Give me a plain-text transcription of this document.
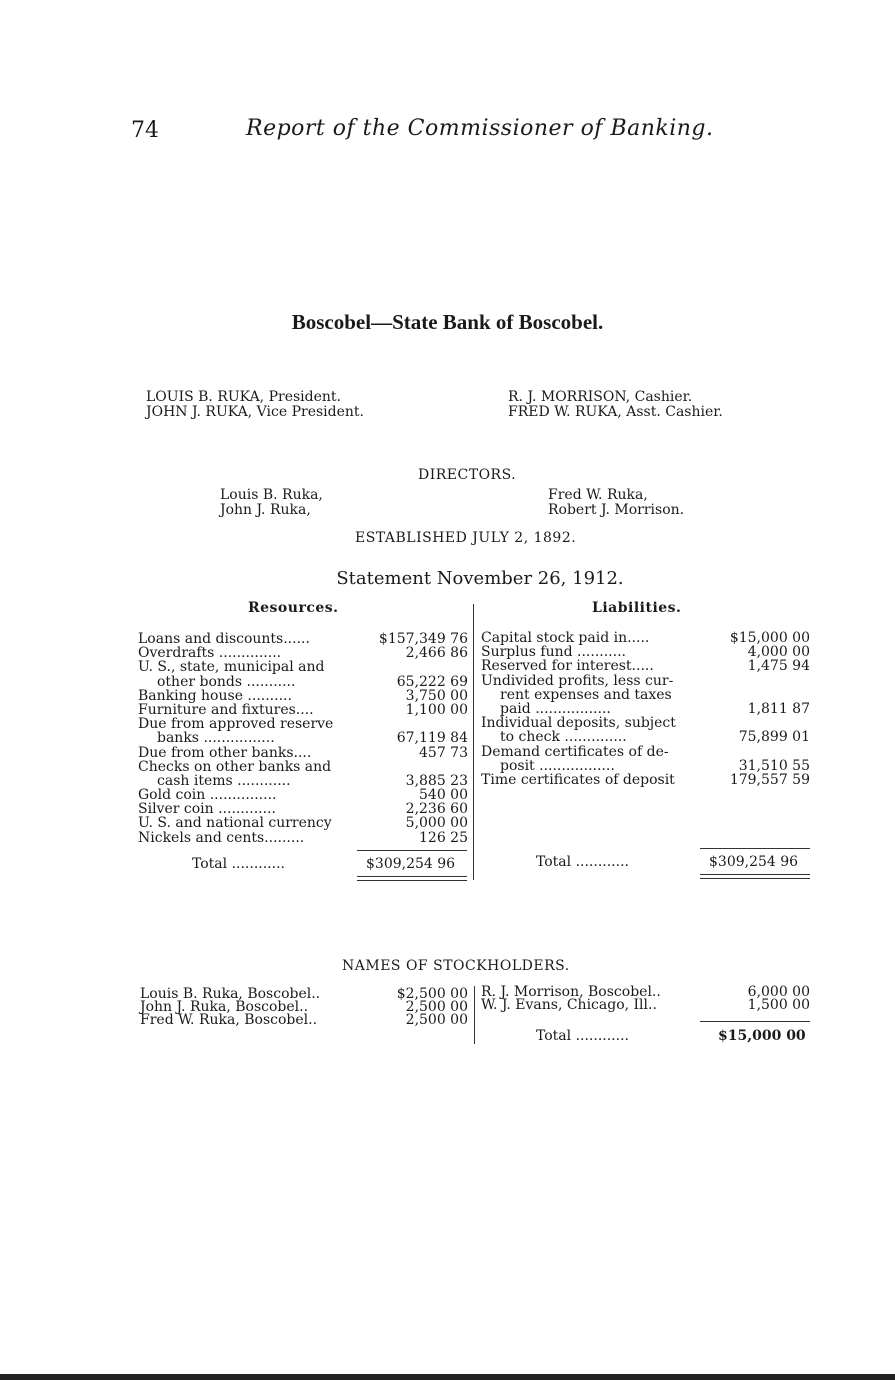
74	Report of the Commissioner of Banking.
Boscobel—State Bank of Boscobel.
LOUIS B. RUKA, President.
JOHN J. RUKA, Vice President.
R. J. MORRISON, Cashier.
FRED W. RUKA, Asst. Cashier.
DIRECTORS.
Louis B. Ruka,
John J. Ruka,
Fred W. Ruka,
Robert J. Morrison.
ESTABLISHED JULY 2, 1892.
Statement November 26, 1912.
Resources.	Liabilities.
Loans and discounts......	$157,349 76
Overdrafts ..............	2,466 86
U. S., state, municipal and
other bonds ...........	65,222 69
Banking house ..........	3,750 00
Furniture and fixtures....	1,100 00
Due from approved reserve
banks ................	67,119 84
Due from other banks....	457 73
Checks on other banks and
cash items ............	3,885 23
Gold coin ...............	540 00
Silver coin .............	2,236 60
U. S. and national currency	5,000 00
Nickels and cents.........	126 25
Capital stock paid in.....	$15,000 00
Surplus fund ...........	4,000 00
Reserved for interest.....	1,475 94
Undivided profits, less cur-
rent expenses and taxes
paid .................	1,811 87
Individual deposits, subject
to check ..............	75,899 01
Demand certificates of de-
posit .................	31,510 55
Time certificates of deposit	179,557 59
Total ............	$309,254 96	Total ............	$309,254 96
NAMES OF STOCKHOLDERS.
Louis B. Ruka, Boscobel..	$2,500 00
John J. Ruka, Boscobel..	2,500 00
Fred W. Ruka, Boscobel..	2,500 00
R. J. Morrison, Boscobel..	6,000 00
W. J. Evans, Chicago, Ill..	1,500 00
Total ............	$15,000 00
